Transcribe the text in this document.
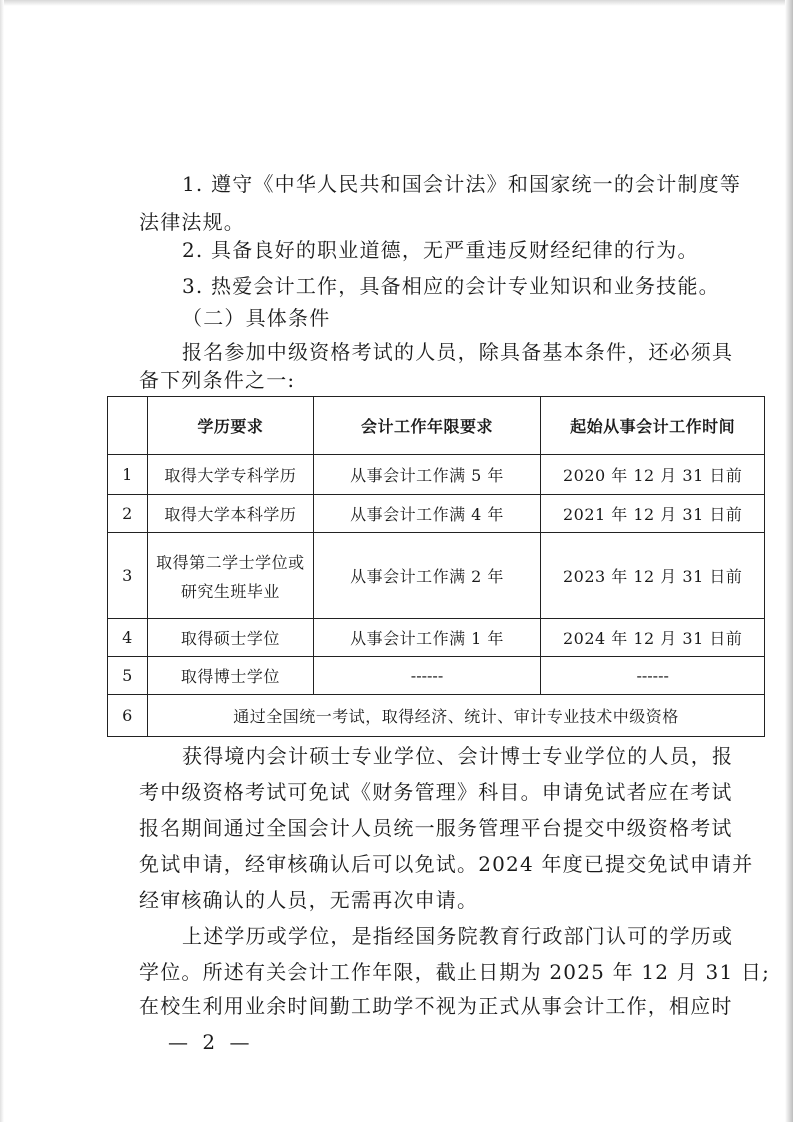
1. 遵守《中华人民共和国会计法》和国家统一的会计制度等
法律法规。
2. 具备良好的职业道德，无严重违反财经纪律的行为。
3. 热爱会计工作，具备相应的会计专业知识和业务技能。
（二）具体条件
报名参加中级资格考试的人员，除具备基本条件，还必须具
备下列条件之一:
	学历要求	会计工作年限要求	起始从事会计工作时间
1	取得大学专科学历	从事会计工作满 5 年	2020 年 12 月 31 日前
2	取得大学本科学历	从事会计工作满 4 年	2021 年 12 月 31 日前
3	取得第二学士学位或
研究生班毕业	从事会计工作满 2 年	2023 年 12 月 31 日前
4	取得硕士学位	从事会计工作满 1 年	2024 年 12 月 31 日前
5	取得博士学位	------	------
6	通过全国统一考试，取得经济、统计、审计专业技术中级资格		
获得境内会计硕士专业学位、会计博士专业学位的人员，报
考中级资格考试可免试《财务管理》科目。申请免试者应在考试
报名期间通过全国会计人员统一服务管理平台提交中级资格考试
免试申请，经审核确认后可以免试。2024 年度已提交免试申请并
经审核确认的人员，无需再次申请。
上述学历或学位，是指经国务院教育行政部门认可的学历或
学位。所述有关会计工作年限，截止日期为 2025 年 12 月 31 日;
在校生利用业余时间勤工助学不视为正式从事会计工作，相应时
— 2 —
